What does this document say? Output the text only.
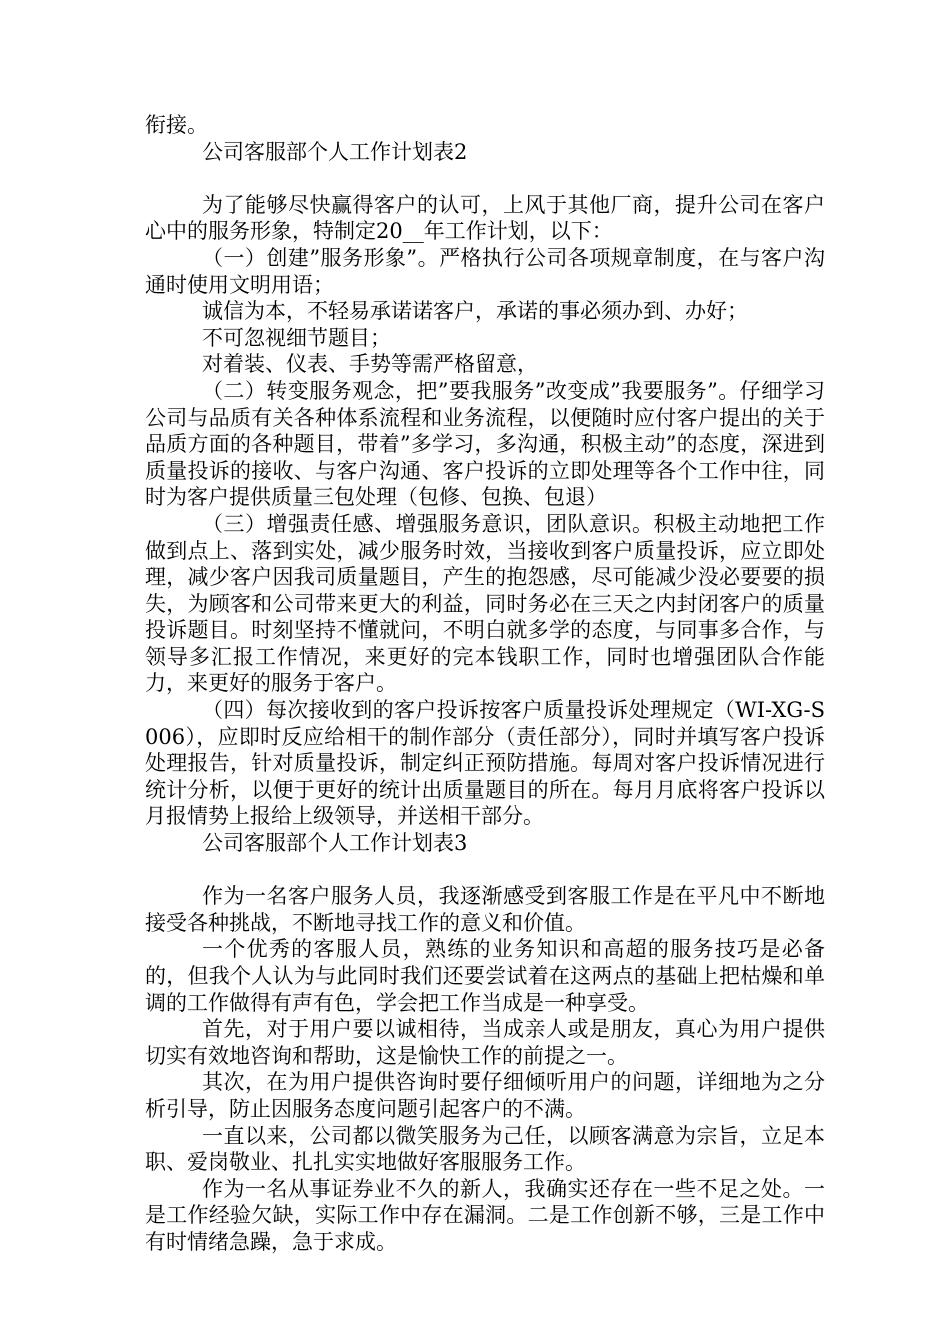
衔接。

公司客服部个人工作计划表2

为了能够尽快赢得客户的认可，上风于其他厂商，提升公司在客户心中的服务形象，特制定20__年工作计划，以下：

（一）创建”服务形象”。严格执行公司各项规章制度，在与客户沟通时使用文明用语；

诚信为本，不轻易承诺诺客户，承诺的事必须办到、办好；

不可忽视细节题目；

对着装、仪表、手势等需严格留意，

（二）转变服务观念，把”要我服务”改变成”我要服务”。仔细学习公司与品质有关各种体系流程和业务流程，以便随时应付客户提出的关于品质方面的各种题目，带着”多学习，多沟通，积极主动”的态度，深进到质量投诉的接收、与客户沟通、客户投诉的立即处理等各个工作中往，同时为客户提供质量三包处理（包修、包换、包退）

（三）增强责任感、增强服务意识，团队意识。积极主动地把工作做到点上、落到实处，减少服务时效，当接收到客户质量投诉，应立即处理，减少客户因我司质量题目，产生的抱怨感，尽可能减少没必要要的损失，为顾客和公司带来更大的利益，同时务必在三天之内封闭客户的质量投诉题目。时刻坚持不懂就问，不明白就多学的态度，与同事多合作，与领导多汇报工作情况，来更好的完本钱职工作，同时也增强团队合作能力，来更好的服务于客户。

（四）每次接收到的客户投诉按客户质量投诉处理规定（WI-XG-S006），应即时反应给相干的制作部分（责任部分），同时并填写客户投诉处理报告，针对质量投诉，制定纠正预防措施。每周对客户投诉情况进行统计分析，以便于更好的统计出质量题目的所在。每月月底将客户投诉以月报情势上报给上级领导，并送相干部分。

公司客服部个人工作计划表3

作为一名客户服务人员，我逐渐感受到客服工作是在平凡中不断地接受各种挑战，不断地寻找工作的意义和价值。

一个优秀的客服人员，熟练的业务知识和高超的服务技巧是必备的，但我个人认为与此同时我们还要尝试着在这两点的基础上把枯燥和单调的工作做得有声有色，学会把工作当成是一种享受。

首先，对于用户要以诚相待，当成亲人或是朋友，真心为用户提供切实有效地咨询和帮助，这是愉快工作的前提之一。

其次，在为用户提供咨询时要仔细倾听用户的问题，详细地为之分析引导，防止因服务态度问题引起客户的不满。

一直以来，公司都以微笑服务为己任，以顾客满意为宗旨，立足本职、爱岗敬业、扎扎实实地做好客服服务工作。

作为一名从事证券业不久的新人，我确实还存在一些不足之处。一是工作经验欠缺，实际工作中存在漏洞。二是工作创新不够，三是工作中有时情绪急躁，急于求成。
